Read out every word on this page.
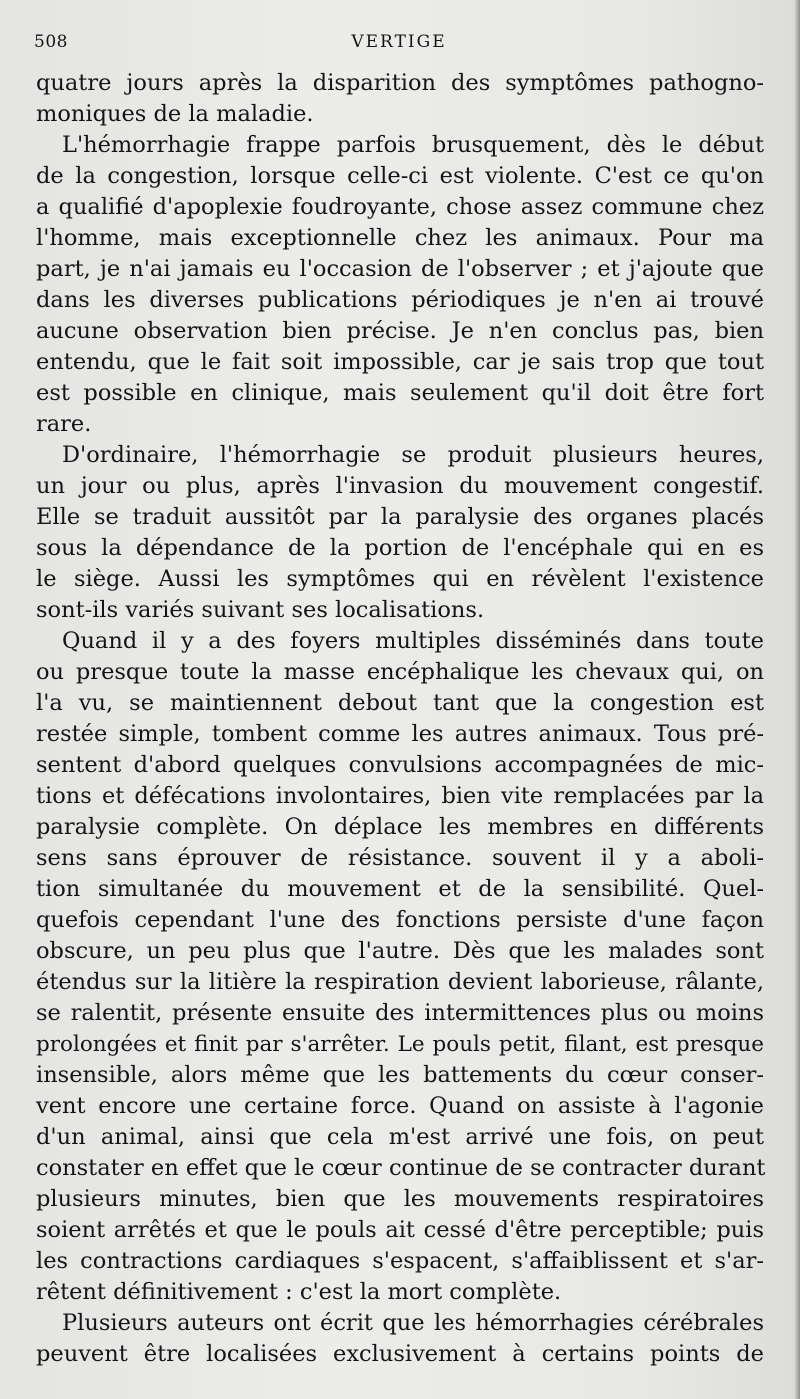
508	VERTIGE
quatre jours après la disparition des symptômes pathogno-
moniques de la maladie.
L'hémorrhagie frappe parfois brusquement, dès le début
de la congestion, lorsque celle-ci est violente. C'est ce qu'on
a qualifié d'apoplexie foudroyante, chose assez commune chez
l'homme, mais exceptionnelle chez les animaux. Pour ma
part, je n'ai jamais eu l'occasion de l'observer ; et j'ajoute que
dans les diverses publications périodiques je n'en ai trouvé
aucune observation bien précise. Je n'en conclus pas, bien
entendu, que le fait soit impossible, car je sais trop que tout
est possible en clinique, mais seulement qu'il doit être fort
rare.
D'ordinaire, l'hémorrhagie se produit plusieurs heures,
un jour ou plus, après l'invasion du mouvement congestif.
Elle se traduit aussitôt par la paralysie des organes placés
sous la dépendance de la portion de l'encéphale qui en es
le siège. Aussi les symptômes qui en révèlent l'existence
sont-ils variés suivant ses localisations.
Quand il y a des foyers multiples disséminés dans toute
ou presque toute la masse encéphalique les chevaux qui, on
l'a vu, se maintiennent debout tant que la congestion est
restée simple, tombent comme les autres animaux. Tous pré-
sentent d'abord quelques convulsions accompagnées de mic-
tions et défécations involontaires, bien vite remplacées par la
paralysie complète. On déplace les membres en différents
sens sans éprouver de résistance. souvent il y a aboli-
tion simultanée du mouvement et de la sensibilité. Quel-
quefois cependant l'une des fonctions persiste d'une façon
obscure, un peu plus que l'autre. Dès que les malades sont
étendus sur la litière la respiration devient laborieuse, râlante,
se ralentit, présente ensuite des intermittences plus ou moins
prolongées et finit par s'arrêter. Le pouls petit, filant, est presque
insensible, alors même que les battements du cœur conser-
vent encore une certaine force. Quand on assiste à l'agonie
d'un animal, ainsi que cela m'est arrivé une fois, on peut
constater en effet que le cœur continue de se contracter durant
plusieurs minutes, bien que les mouvements respiratoires
soient arrêtés et que le pouls ait cessé d'être perceptible; puis
les contractions cardiaques s'espacent, s'affaiblissent et s'ar-
rêtent définitivement : c'est la mort complète.
Plusieurs auteurs ont écrit que les hémorrhagies cérébrales
peuvent être localisées exclusivement à certains points de
